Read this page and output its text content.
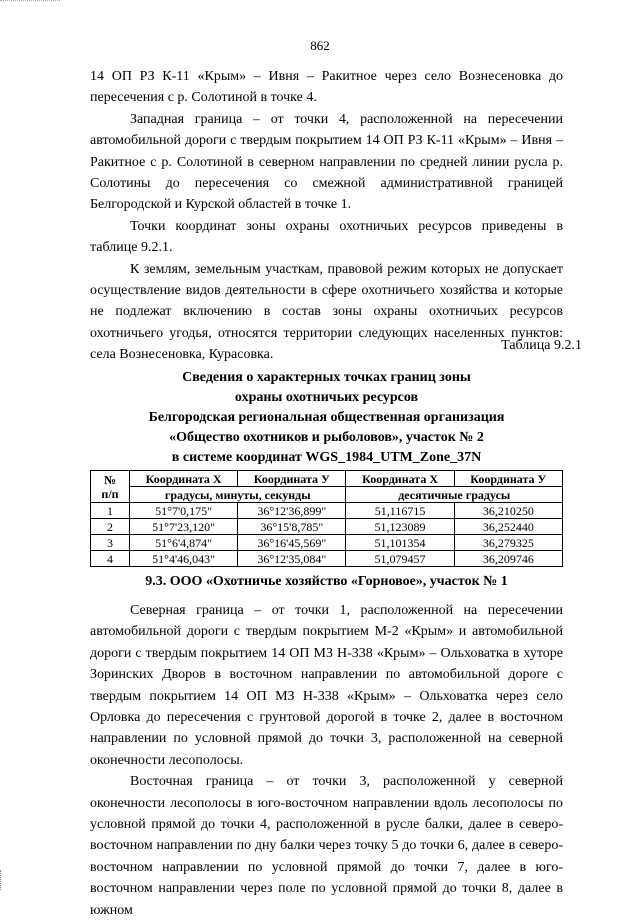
862
14 ОП РЗ К-11 «Крым» – Ивня – Ракитное через село Вознесеновка до пересечения с р. Солотиной в точке 4.
Западная граница – от точки 4, расположенной на пересечении автомобильной дороги с твердым покрытием 14 ОП РЗ К-11 «Крым» – Ивня – Ракитное с р. Солотиной в северном направлении по средней линии русла р. Солотины до пересечения со смежной административной границей Белгородской и Курской областей в точке 1.
Точки координат зоны охраны охотничьих ресурсов приведены в таблице 9.2.1.
К землям, земельным участкам, правовой режим которых не допускает осуществление видов деятельности в сфере охотничьего хозяйства и которые не подлежат включению в состав зоны охраны охотничьих ресурсов охотничьего угодья, относятся территории следующих населенных пунктов: села Вознесеновка, Курасовка.
Таблица 9.2.1
Сведения о характерных точках границ зоны
охраны охотничьих ресурсов
Белгородская региональная общественная организация
«Общество охотников и рыболовов», участок № 2
в системе координат WGS_1984_UTM_Zone_37N
№
п/п	Координата X	Координата У	Координата X	Координата У
	градусы, минуты, секунды		десятичные градусы	
1	51°7'0,175"	36°12'36,899"	51,116715	36,210250
2	51°7'23,120"	36°15'8,785"	51,123089	36,252440
3	51°6'4,874"	36°16'45,569"	51,101354	36,279325
4	51°4'46,043"	36°12'35,084"	51,079457	36,209746
9.3. ООО «Охотничье хозяйство «Горновое», участок № 1
Северная граница – от точки 1, расположенной на пересечении автомобильной дороги с твердым покрытием М-2 «Крым» и автомобильной дороги с твердым покрытием 14 ОП МЗ Н-338 «Крым» – Ольховатка в хуторе Зоринских Дворов в восточном направлении по автомобильной дороге с твердым покрытием 14 ОП МЗ Н-338 «Крым» – Ольховатка через село Орловка до пересечения с грунтовой дорогой в точке 2, далее в восточном направлении по условной прямой до точки 3, расположенной на северной оконечности лесополосы.
Восточная граница – от точки 3, расположенной у северной оконечности лесополосы в юго-восточном направлении вдоль лесополосы по условной прямой до точки 4, расположенной в русле балки, далее в северо-восточном направлении по дну балки через точку 5 до точки 6, далее в северо-восточном направлении по условной прямой до точки 7, далее в юго-восточном направлении через поле по условной прямой до точки 8, далее в южном
